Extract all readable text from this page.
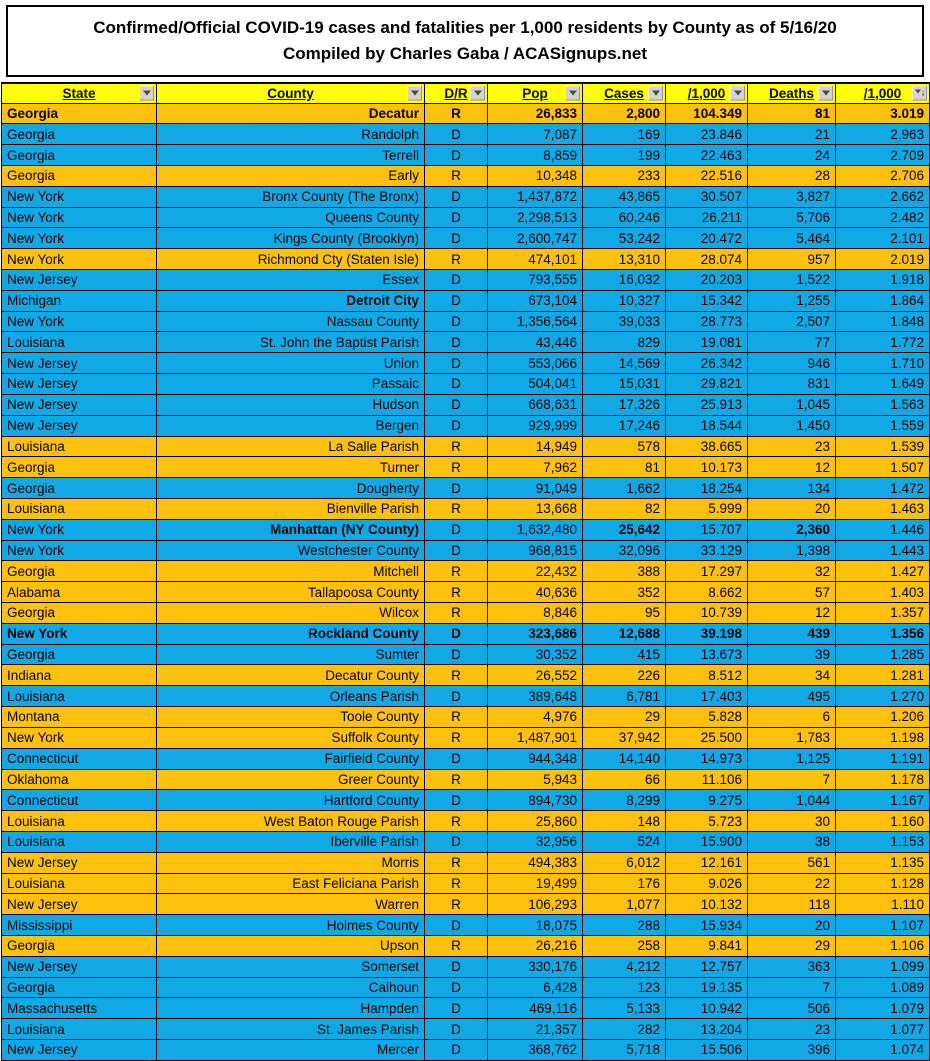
Confirmed/Official COVID-19 cases and fatalities per 1,000 residents by County as of 5/16/20
Compiled by Charles Gaba / ACASignups.net
State	County	D/R	Pop	Cases	/1,000	Deaths	/1,000 ↓

Georgia	Decatur	R	26,833	2,800	104.349	81	3.019
Georgia	Randolph	D	7,087	169	23.846	21	2.963
Georgia	Terrell	D	8,859	199	22.463	24	2.709
Georgia	Early	R	10,348	233	22.516	28	2.706
New York	Bronx County (The Bronx)	D	1,437,872	43,865	30.507	3,827	2.662
New York	Queens County	D	2,298,513	60,246	26.211	5,706	2.482
New York	Kings County (Brooklyn)	D	2,600,747	53,242	20.472	5,464	2.101
New York	Richmond Cty (Staten Isle)	R	474,101	13,310	28.074	957	2.019
New Jersey	Essex	D	793,555	16,032	20.203	1,522	1.918
Michigan	Detroit City	D	673,104	10,327	15.342	1,255	1.864
New York	Nassau County	D	1,356,564	39,033	28.773	2,507	1.848
Louisiana	St. John the Baptist Parish	D	43,446	829	19.081	77	1.772
New Jersey	Union	D	553,066	14,569	26.342	946	1.710
New Jersey	Passaic	D	504,041	15,031	29.821	831	1.649
New Jersey	Hudson	D	668,631	17,326	25.913	1,045	1.563
New Jersey	Bergen	D	929,999	17,246	18.544	1,450	1.559
Louisiana	La Salle Parish	R	14,949	578	38.665	23	1.539
Georgia	Turner	R	7,962	81	10.173	12	1.507
Georgia	Dougherty	D	91,049	1,662	18.254	134	1.472
Louisiana	Bienville Parish	R	13,668	82	5.999	20	1.463
New York	Manhattan (NY County)	D	1,632,480	25,642	15.707	2,360	1.446
New York	Westchester County	D	968,815	32,096	33.129	1,398	1.443
Georgia	Mitchell	R	22,432	388	17.297	32	1.427
Alabama	Tallapoosa County	R	40,636	352	8.662	57	1.403
Georgia	Wilcox	R	8,846	95	10.739	12	1.357
New York	Rockland County	D	323,686	12,688	39.198	439	1.356
Georgia	Sumter	D	30,352	415	13.673	39	1.285
Indiana	Decatur County	R	26,552	226	8.512	34	1.281
Louisiana	Orleans Parish	D	389,648	6,781	17.403	495	1.270
Montana	Toole County	R	4,976	29	5.828	6	1.206
New York	Suffolk County	R	1,487,901	37,942	25.500	1,783	1.198
Connecticut	Fairfield County	D	944,348	14,140	14.973	1,125	1.191
Oklahoma	Greer County	R	5,943	66	11.106	7	1.178
Connecticut	Hartford County	D	894,730	8,299	9.275	1,044	1.167
Louisiana	West Baton Rouge Parish	R	25,860	148	5.723	30	1.160
Louisiana	Iberville Parish	D	32,956	524	15.900	38	1.153
New Jersey	Morris	R	494,383	6,012	12.161	561	1.135
Louisiana	East Feliciana Parish	R	19,499	176	9.026	22	1.128
New Jersey	Warren	R	106,293	1,077	10.132	118	1.110
Mississippi	Holmes County	D	18,075	288	15.934	20	1.107
Georgia	Upson	R	26,216	258	9.841	29	1.106
New Jersey	Somerset	D	330,176	4,212	12.757	363	1.099
Georgia	Calhoun	D	6,428	123	19.135	7	1.089
Massachusetts	Hampden	D	469,116	5,133	10.942	506	1.079
Louisiana	St. James Parish	D	21,357	282	13.204	23	1.077
New Jersey	Mercer	D	368,762	5,718	15.506	396	1.074
